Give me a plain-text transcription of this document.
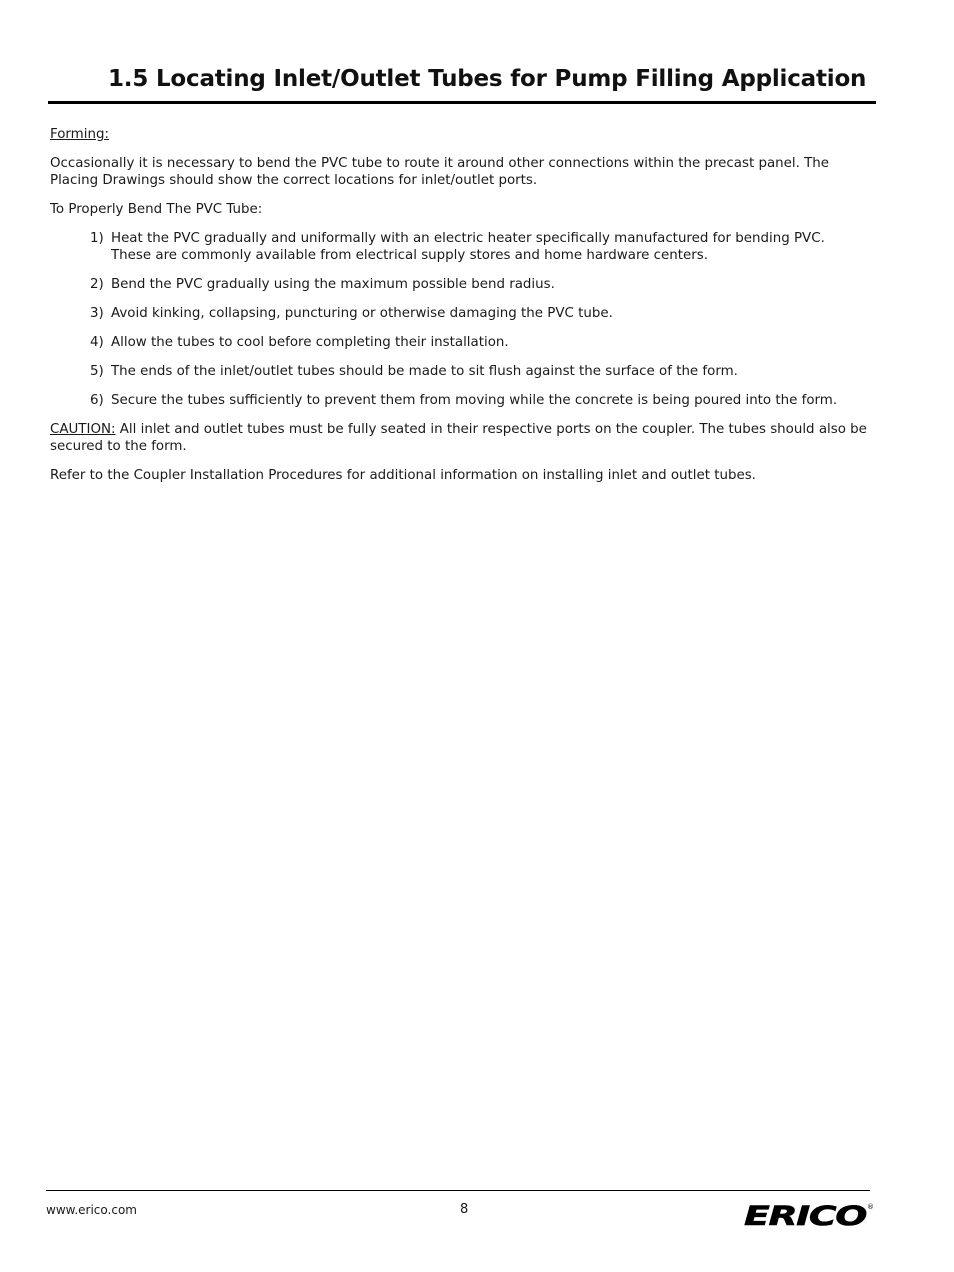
1.5 Locating Inlet/Outlet Tubes for Pump Filling Application

Forming:

Occasionally it is necessary to bend the PVC tube to route it around other connections within the precast panel. The Placing Drawings should show the correct locations for inlet/outlet ports.

To Properly Bend The PVC Tube:

1) Heat the PVC gradually and uniformally with an electric heater specifically manufactured for bending PVC.
These are commonly available from electrical supply stores and home hardware centers.
2) Bend the PVC gradually using the maximum possible bend radius.
3) Avoid kinking, collapsing, puncturing or otherwise damaging the PVC tube.
4) Allow the tubes to cool before completing their installation.
5) The ends of the inlet/outlet tubes should be made to sit flush against the surface of the form.
6) Secure the tubes sufficiently to prevent them from moving while the concrete is being poured into the form.

CAUTION: All inlet and outlet tubes must be fully seated in their respective ports on the coupler. The tubes should also be secured to the form.

Refer to the Coupler Installation Procedures for additional information on installing inlet and outlet tubes.

www.erico.com	8	ERICO ®
